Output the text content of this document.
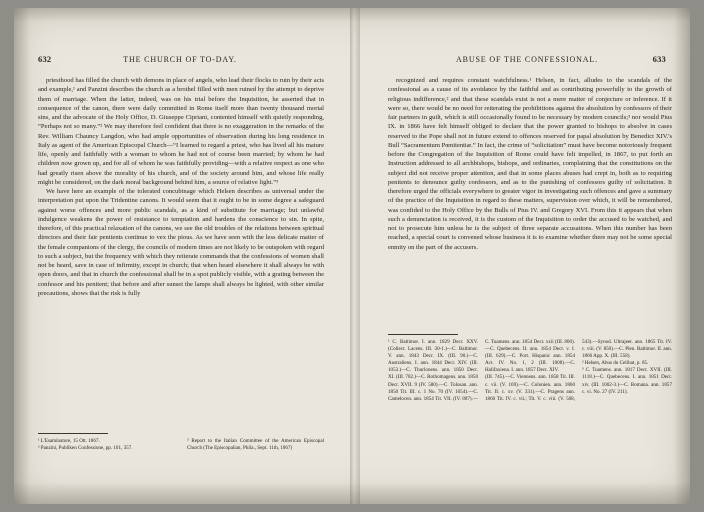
632	THE CHURCH OF TO-DAY.

priesthood has filled the church with demons in place of angels, who lead their flocks to ruin by their acts and example,¹ and Panzini describes the church as a brothel filled with men ruined by the attempt to deprive them of marriage. When the latter, indeed, was on his trial before the Inquisition, he asserted that in consequence of the canon, there were daily committed in Rome itself more than twenty thousand mortal sins, and the advocate of the Holy Office, D. Giuseppe Cipriani, contented himself with quietly responding, “Perhaps not so many.”² We may therefore feel confident that there is no exaggeration in the remarks of the Rev. William Chauncy Langdon, who had ample opportunities of observation during his long residence in Italy as agent of the American Episcopal Church—“I learned to regard a priest, who has lived all his mature life, openly and faithfully with a woman to whom he had not of course been married; by whom he had children now grown up, and for all of whom he was faithfully providing—with a relative respect as one who had greatly risen above the morality of his church, and of the society around him, and whose life really might be considered, on the dark moral background behind him, a source of relative light.”³

We have here an example of the tolerated concubinage which Helsen describes as universal under the interpretation put upon the Tridentine canons. It would seem that it ought to be in some degree a safeguard against worse offences and more public scandals, as a kind of substitute for marriage; but unlawful indulgence weakens the power of resistance to temptation and hardens the conscience to sin. In spite, therefore, of this practical relaxation of the canons, we see the old troubles of the relations between spiritual directors and their fair penitents continue to vex the pious. As we have seen with the less delicate matter of the female companions of the clergy, the councils of modern times are not likely to be outspoken with regard to such a subject, but the frequency with which they reiterate commands that the confessions of women shall not be heard, save in case of infirmity, except in church; that when heard elsewhere it shall always be with open doors, and that in church the confessional shall be in a spot publicly visible, with a grating between the confessor and his penitent; that before and after sunset the lamps shall always be lighted, with other similar precautions, shows that the risk is fully

¹ L'Esaminatore, 15 Ott. 1867.

² Panzini, Publiken Confessione, pp. 101, 357.

³ Report to the Italian Committee of the American Episcopal Church (The Episcopalian, Phila., Sept. 11th, 1867)

ABUSE OF THE CONFESSIONAL.	633

recognized and requires constant watchfulness.¹ Helsen, in fact, alludes to the scandals of the confessional as a cause of its avoidance by the faithful and as contributing powerfully to the growth of religious indifference,² and that these scandals exist is not a mere matter of conjecture or inference. If it were so, there would be no need for reiterating the prohibitions against the absolution by confessors of their fair partners in guilt, which is still occasionally found to be necessary by modern councils;³ nor would Pius IX. in 1866 have felt himself obliged to declare that the power granted to bishops to absolve in cases reserved to the Pope shall not in future extend to offences reserved for papal absolution by Benedict XIV.'s Bull “Sacramentum Pœnitentiæ.” In fact, the crime of “solicitation” must have become notoriously frequent before the Congregation of the Inquisition of Rome could have felt impelled, in 1867, to put forth an Instruction addressed to all archbishops, bishops, and ordinaries, complaining that the constitutions on the subject did not receive proper attention, and that in some places abuses had crept in, both as to requiring penitents to denounce guilty confessors, and as to the punishing of confessors guilty of solicitation. It therefore urged the officials everywhere to greater vigor in investigating such offences and gave a summary of the practice of the Inquisition in regard to these matters, supervision over which, it will be remembered, was confided to the Holy Office by the Bulls of Pius IV. and Gregory XVI. From this it appears that when such a denunciation is received, it is the custom of the Inquisition to order the accused to be watched, and not to prosecute him unless he is the subject of three separate accusations. When this number has been reached, a special court is convened whose business it is to examine whether there may not be some special enmity on the part of the accusers.

¹ C. Baltimor. I. ann. 1829 Decr. XXV. (Collect. Lacens. III. 30-1.)—C. Baltimor. V. ann. 1843 Decr. IX. (III. 90.)—C. Australiens. I. ann. 1844 Decr. XIV. (III. 1053.)—C. Thurlonens. ann. 1850 Decr. XI. (III. 782.)—C. Rothomagens. ann. 1850 Decr. XVII. 9 (IV. 580).—C. Tolosan. ann. 1850 Tit. III. c. 1 No. 70 (IV. 1054).—C. Camelocen. ann. 1854 Tit. VII. (IV. 887).—C. Tuamens. ann. 1854 Decr. xxii (III. 800).—C. Quebecens. II. ann. 1854 Decr. v. I. (III. 629).—C. Port. Hispanic ann. 1854 Act. IV. No. 1, 2 (III. 1008).—C. Halifaxiena. I. ann. 1857 Decr. XIV.

(III. 745).—C. Viennens. ann. 1858 Tit. III. c. vii. (V. 169).—C. Colonien. ann. 1860 Tit. II. c. xv. (V. 331).—C. Pragens ann. 1860 Tit. IV. c. vii.; Tit. V. c. viii. (V. 508, 543).—Synod. Ultrajeet. ann. 1865 Tit. IV. c. viii. (V. 850).—C. Plen. Baltimor. II. ann. 1866 App. X. (III. 558).

² Helsen, Abus du Celibat, p. 85.

³ C. Tuamens. ann. 1817 Decr. XVII. (III. 1118.)—C. Quebecens. I. ann. 1851 Decr. xiv. (III. 1002-3.)—C. Romana. ann. 1857 c. vi. No. 27 (IV. 211).
